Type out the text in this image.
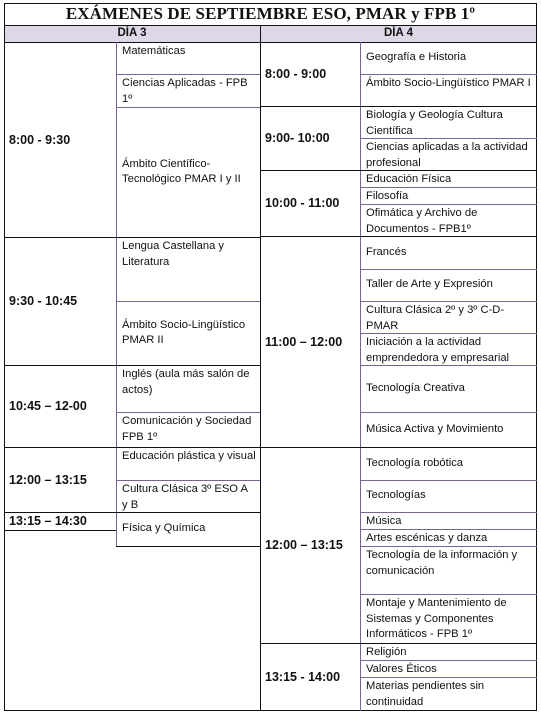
EXÁMENES DE SEPTIEMBRE ESO, PMAR y FPB 1º
DÍA 3	DÍA 4
8:00 - 9:30
9:30 - 10:45
10:45 – 12-00
12:00 – 13:15
13:15 – 14:30
Matemáticas
Ciencias Aplicadas - FPB 1º
Ámbito Científico-Tecnológico PMAR I y II
Lengua Castellana y Literatura
Ámbito Socio-Lingüístico PMAR II
Inglés (aula más salón de actos)
Comunicación y Sociedad FPB 1º
Educación plástica y visual
Cultura Clásica 3º ESO A y B
Física y Química
8:00 - 9:00
9:00- 10:00
10:00 - 11:00
11:00 – 12:00
12:00 – 13:15
13:15 - 14:00
Geografía e Historia
Ámbito Socio-Lingüístico PMAR I
Biología y Geología Cultura Científica
Ciencias aplicadas a la actividad profesional
Educación Física
Filosofía
Ofimática y Archivo de Documentos - FPB1º
Francés
Taller de Arte y Expresión
Cultura Clásica 2º y 3º C-D-PMAR
Iniciación a la actividad emprendedora y empresarial
Tecnología Creativa
Música Activa y Movimiento
Tecnología robótica
Tecnologías
Música
Artes escénicas y danza
Tecnología de la información y comunicación
Montaje y Mantenimiento de Sistemas y Componentes Informáticos - FPB 1º
Religión
Valores Éticos
Materias pendientes sin continuidad
